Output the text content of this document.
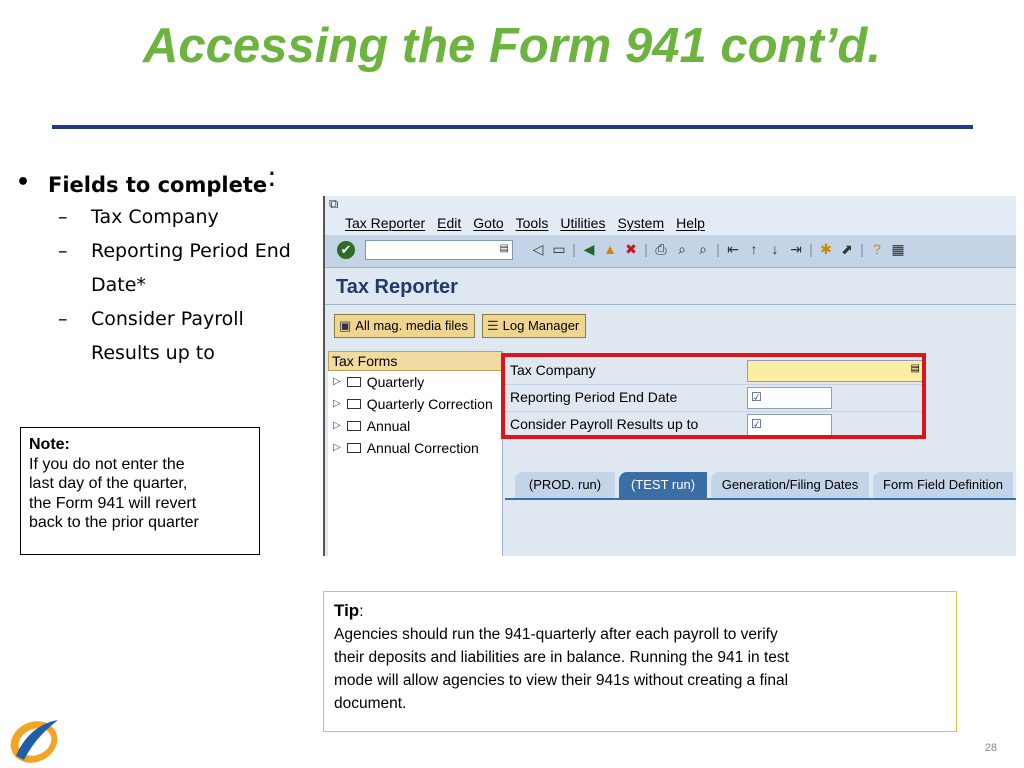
Accessing the Form 941 cont’d.
• Fields to complete:
– Tax Company
– Reporting Period End Date*
– Consider Payroll Results up to
Note:
If you do not enter the
last day of the quarter,
the Form 941 will revert
back to the prior quarter
⧉
Tax Reporter Edit Goto Tools Utilities System Help
✔	▤ ◁ ▭ | ◀ ▲ ✖ | ⎙ ⌕ ⌕ | ⇤ ↑	↓ ⇥ | ✱ ⬈ | ? ▦
Tax Reporter
▣ All mag. media files ☰ Log Manager
Tax Forms
▷ Quarterly
▷ Quarterly Correction
▷ Annual
▷ Annual Correction
Tax Company	▤
Reporting Period End Date	☑
Consider Payroll Results up to	☑
(PROD. run)	(TEST run)	Generation/Filing Dates	Form Field Definition
Tip:
Agencies should run the 941-quarterly after each payroll to verify
their deposits and liabilities are in balance. Running the 941 in test
mode will allow agencies to view their 941s without creating a final
document.
28
